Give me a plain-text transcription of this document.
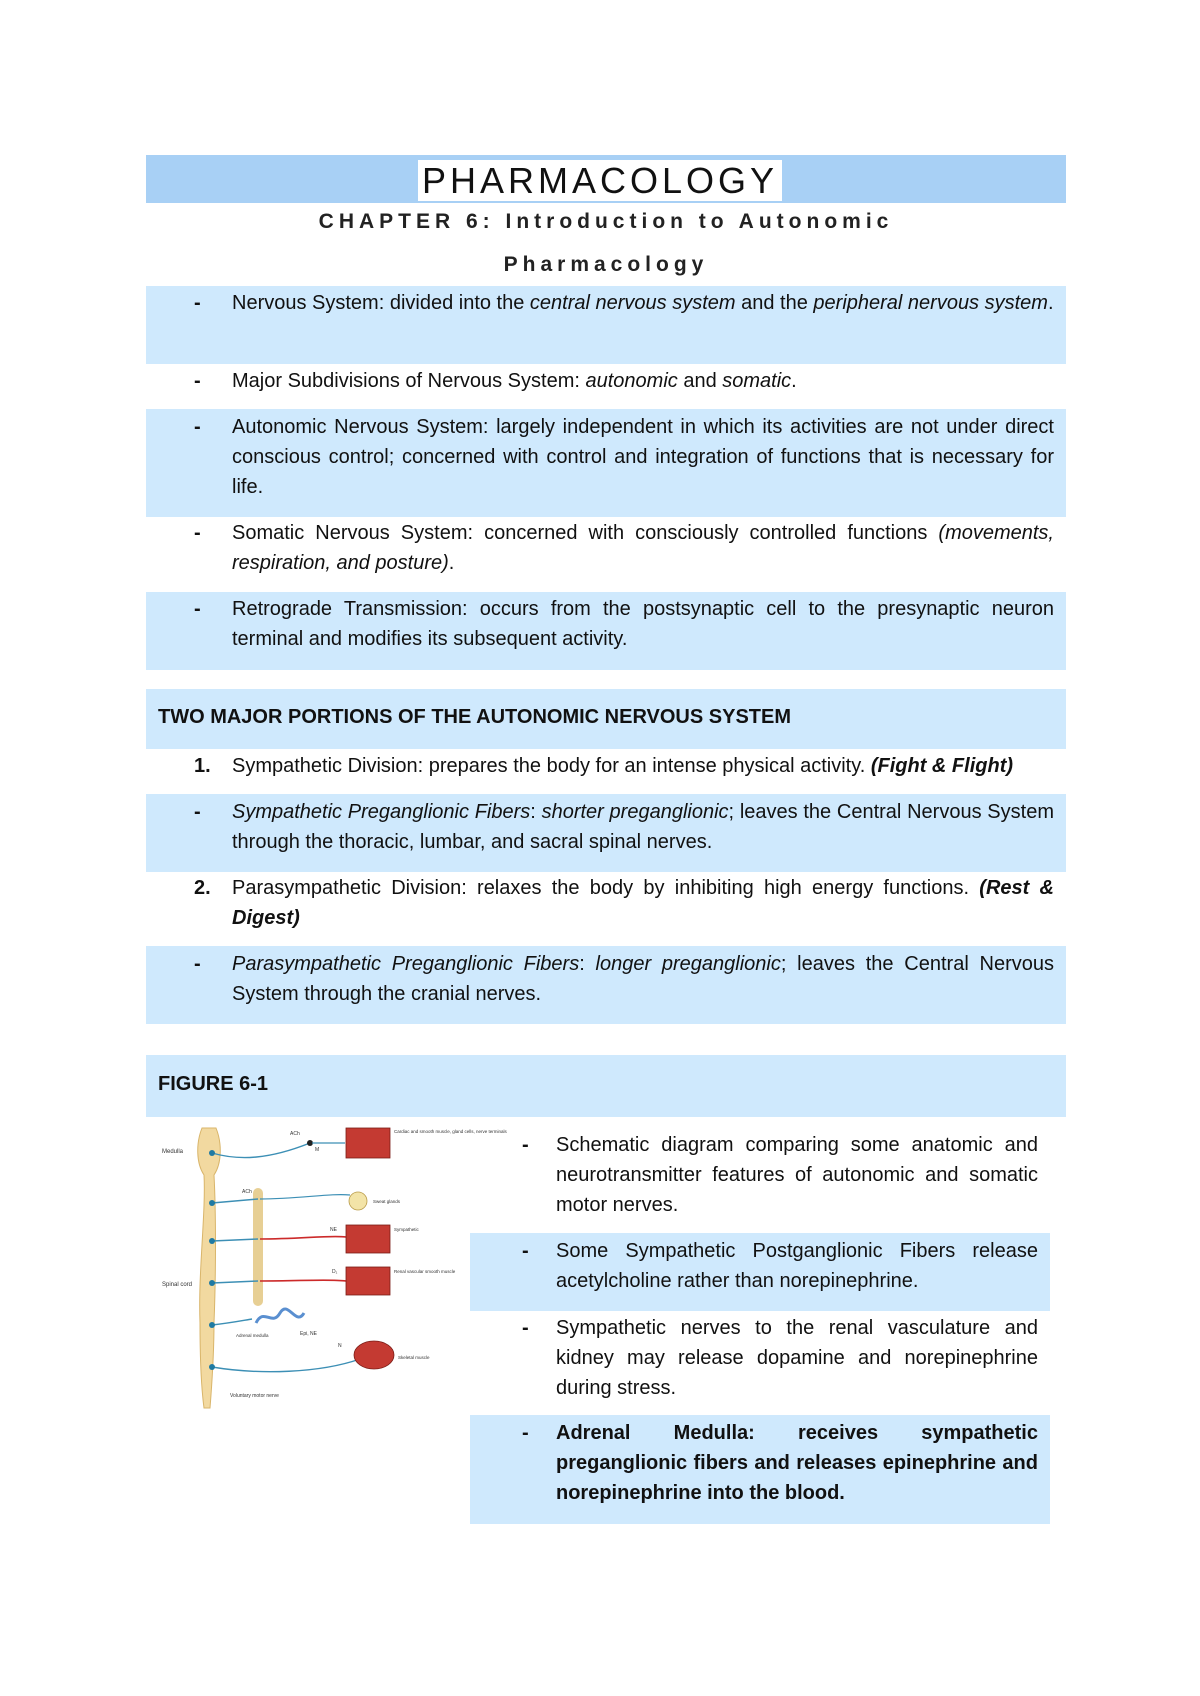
PHARMACOLOGY
CHAPTER 6: Introduction to Autonomic
Pharmacology
- Nervous System: divided into the central nervous system and the peripheral nervous system.
- Major Subdivisions of Nervous System: autonomic and somatic.
- Autonomic Nervous System: largely independent in which its activities are not under direct conscious control; concerned with control and integration of functions that is necessary for life.
- Somatic Nervous System: concerned with consciously controlled functions (movements, respiration, and posture).
- Retrograde Transmission: occurs from the postsynaptic cell to the presynaptic neuron terminal and modifies its subsequent activity.
TWO MAJOR PORTIONS OF THE AUTONOMIC NERVOUS SYSTEM
1. Sympathetic Division: prepares the body for an intense physical activity. (Fight & Flight)
- Sympathetic Preganglionic Fibers: shorter preganglionic; leaves the Central Nervous System through the thoracic, lumbar, and sacral spinal nerves.
2. Parasympathetic Division: relaxes the body by inhibiting high energy functions. (Rest & Digest)
- Parasympathetic Preganglionic Fibers: longer preganglionic; leaves the Central Nervous System through the cranial nerves.
FIGURE 6-1
Medulla
Spinal cord
ACh
M
Cardiac and smooth muscle, gland cells, nerve terminals
Sweat glands
ACh
NE	Sympathetic
D₁	Renal vascular smooth muscle
Adrenal medulla	Epi, NE
N
Skeletal muscle
Voluntary motor nerve
- Schematic diagram comparing some anatomic and neurotransmitter features of autonomic and somatic motor nerves.
- Some Sympathetic Postganglionic Fibers release acetylcholine rather than norepinephrine.
- Sympathetic nerves to the renal vasculature and kidney may release dopamine and norepinephrine during stress.
- Adrenal Medulla: receives sympathetic preganglionic fibers and releases epinephrine and norepinephrine into the blood.
